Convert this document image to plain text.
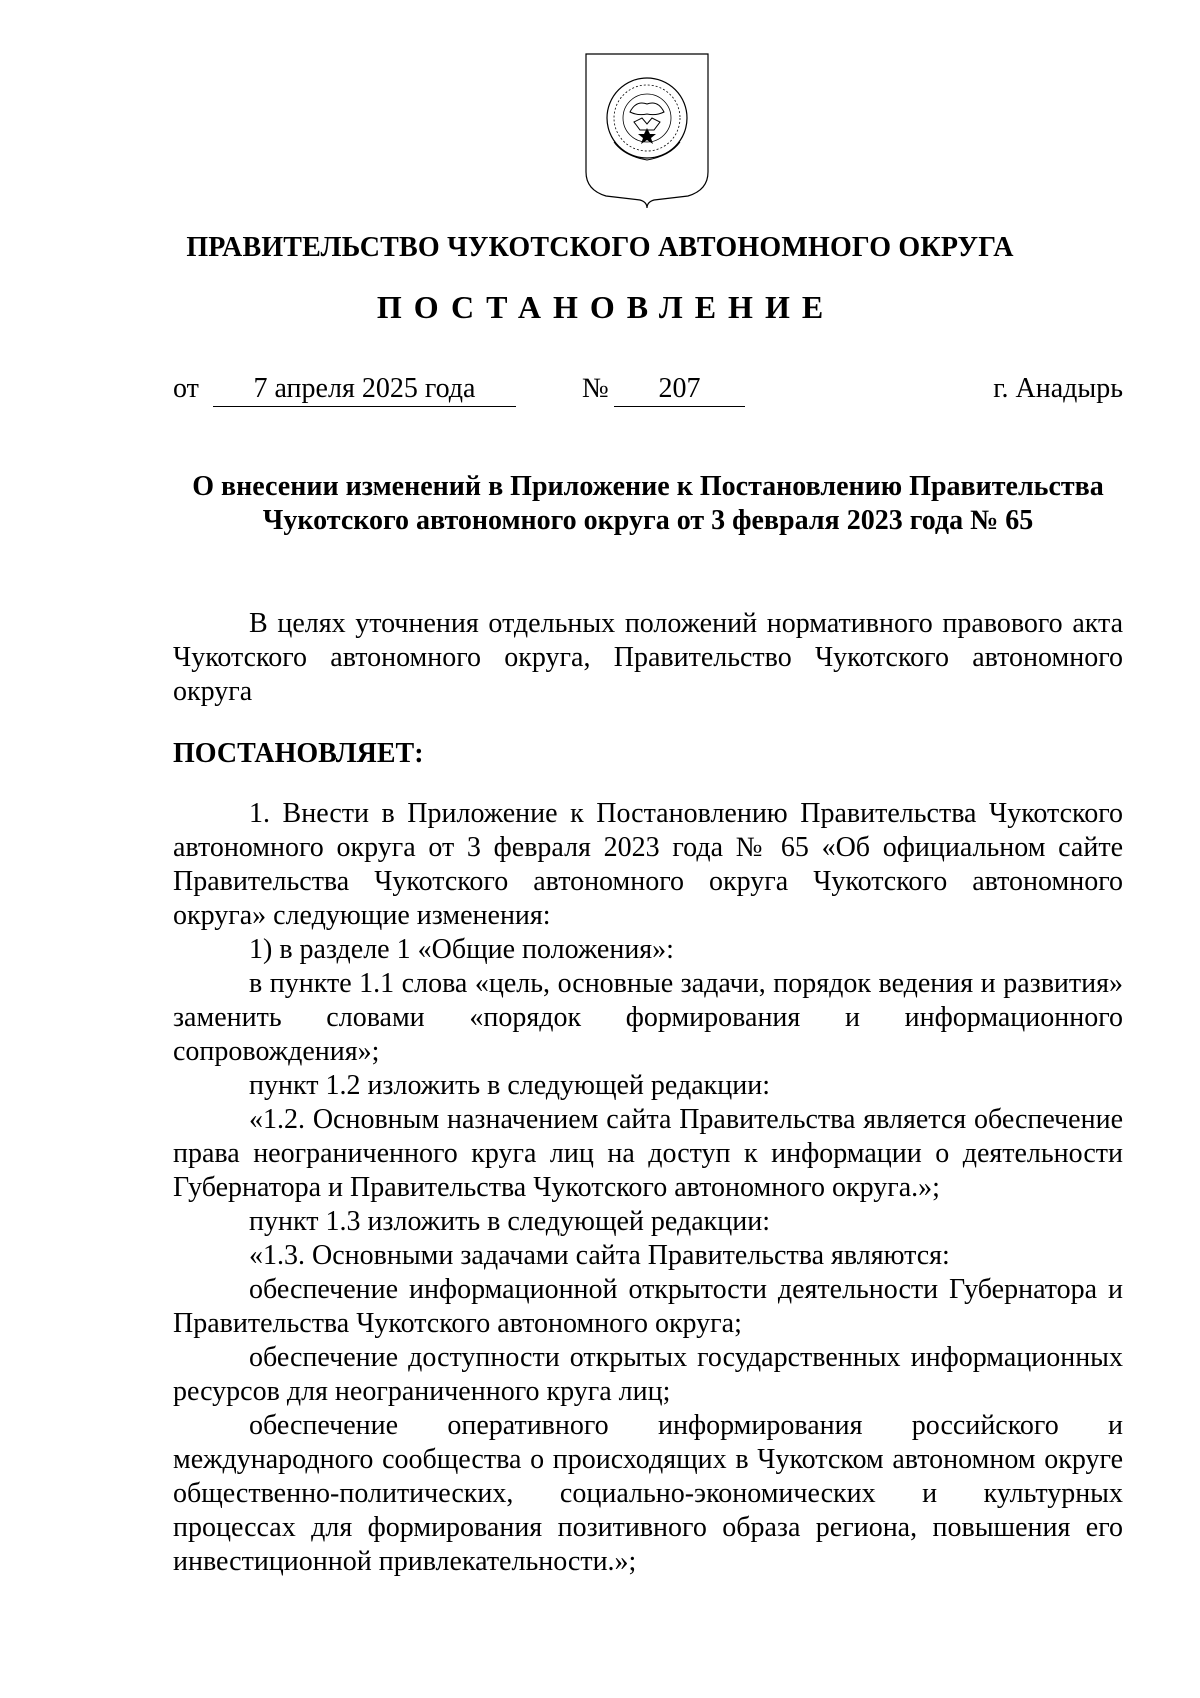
ПРАВИТЕЛЬСТВО ЧУКОТСКОГО АВТОНОМНОГО ОКРУГА
ПОСТАНОВЛЕНИЕ
от	7 апреля 2025 года	№	207	г. Анадырь
О внесении изменений в Приложение к Постановлению Правительства Чукотского автономного округа от 3 февраля 2023 года № 65

В целях уточнения отдельных положений нормативного правового акта Чукотского автономного округа, Правительство Чукотского автономного округа

ПОСТАНОВЛЯЕТ:

1. Внести в Приложение к Постановлению Правительства Чукотского автономного округа от 3 февраля 2023 года № 65 «Об официальном сайте Правительства Чукотского автономного округа Чукотского автономного округа» следующие изменения:

1) в разделе 1 «Общие положения»:

в пункте 1.1 слова «цель, основные задачи, порядок ведения и развития» заменить словами «порядок формирования и информационного сопровождения»;

пункт 1.2 изложить в следующей редакции:

«1.2. Основным назначением сайта Правительства является обеспечение права неограниченного круга лиц на доступ к информации о деятельности Губернатора и Правительства Чукотского автономного округа.»;

пункт 1.3 изложить в следующей редакции:

«1.3. Основными задачами сайта Правительства являются:

обеспечение информационной открытости деятельности Губернатора и Правительства Чукотского автономного округа;

обеспечение доступности открытых государственных информационных ресурсов для неограниченного круга лиц;

обеспечение оперативного информирования российского и международного сообщества о происходящих в Чукотском автономном округе общественно-политических, социально-экономических и культурных процессах для формирования позитивного образа региона, повышения его инвестиционной привлекательности.»;
